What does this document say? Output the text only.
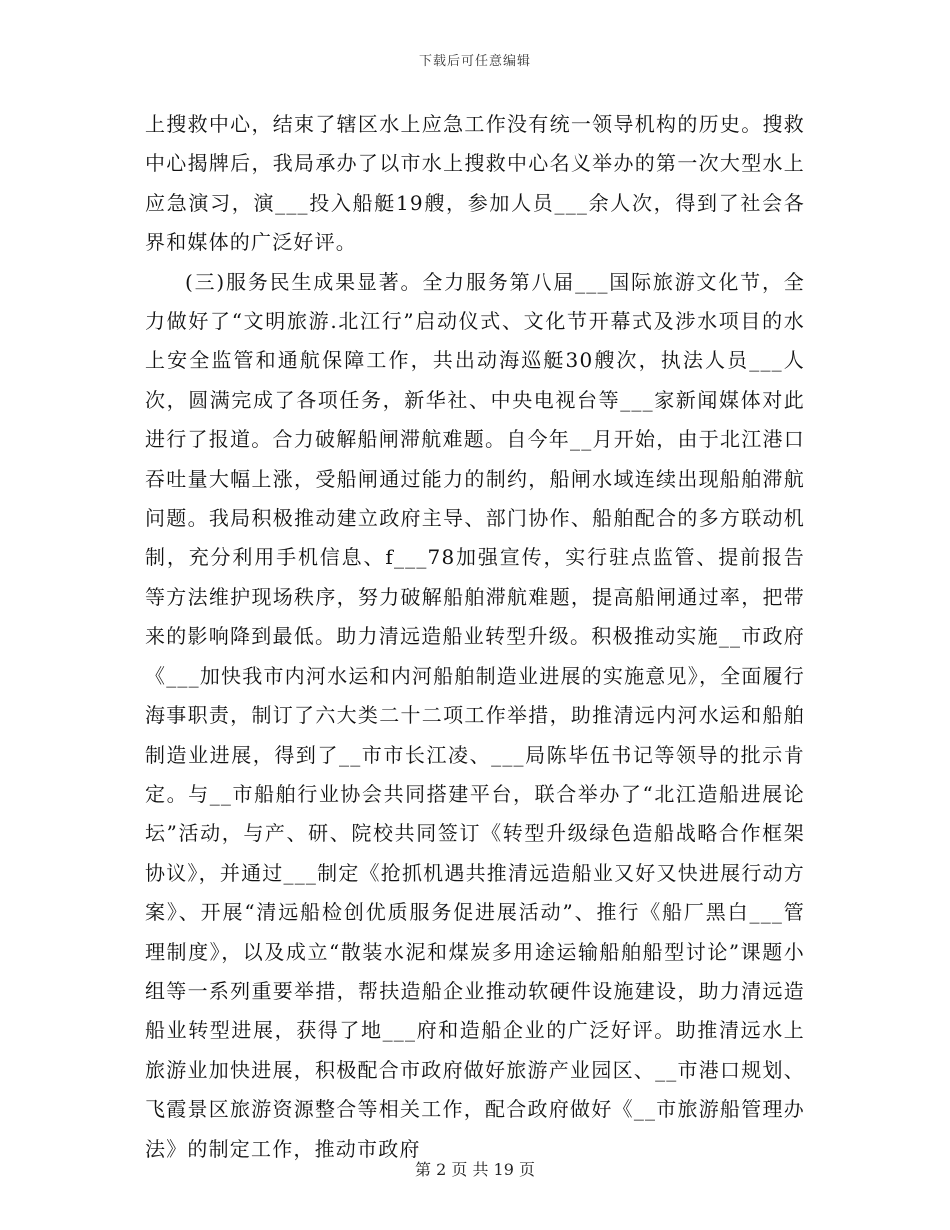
下载后可任意编辑

上搜救中心，结束了辖区水上应急工作没有统一领导机构的历史。搜救中心揭牌后，我局承办了以市水上搜救中心名义举办的第一次大型水上应急演习，演___投入船艇19艘，参加人员___余人次，得到了社会各界和媒体的广泛好评。

(三)服务民生成果显著。全力服务第八届___国际旅游文化节，全力做好了“文明旅游.北江行”启动仪式、文化节开幕式及涉水项目的水上安全监管和通航保障工作，共出动海巡艇30艘次，执法人员___人次，圆满完成了各项任务，新华社、中央电视台等___家新闻媒体对此进行了报道。合力破解船闸滞航难题。自今年__月开始，由于北江港口吞吐量大幅上涨，受船闸通过能力的制约，船闸水域连续出现船舶滞航问题。我局积极推动建立政府主导、部门协作、船舶配合的多方联动机制，充分利用手机信息、f___78加强宣传，实行驻点监管、提前报告等方法维护现场秩序，努力破解船舶滞航难题，提高船闸通过率，把带来的影响降到最低。助力清远造船业转型升级。积极推动实施__市政府《___加快我市内河水运和内河船舶制造业进展的实施意见》，全面履行海事职责，制订了六大类二十二项工作举措，助推清远内河水运和船舶制造业进展，得到了__市市长江凌、___局陈毕伍书记等领导的批示肯定。与__市船舶行业协会共同搭建平台，联合举办了“北江造船进展论坛”活动，与产、研、院校共同签订《转型升级绿色造船战略合作框架协议》，并通过___制定《抢抓机遇共推清远造船业又好又快进展行动方案》、开展“清远船检创优质服务促进展活动”、推行《船厂黑白___管理制度》，以及成立“散装水泥和煤炭多用途运输船舶船型讨论”课题小组等一系列重要举措，帮扶造船企业推动软硬件设施建设，助力清远造船业转型进展，获得了地___府和造船企业的广泛好评。助推清远水上旅游业加快进展，积极配合市政府做好旅游产业园区、__市港口规划、飞霞景区旅游资源整合等相关工作，配合政府做好《__市旅游船管理办法》的制定工作，推动市政府

第 2 页 共 19 页
